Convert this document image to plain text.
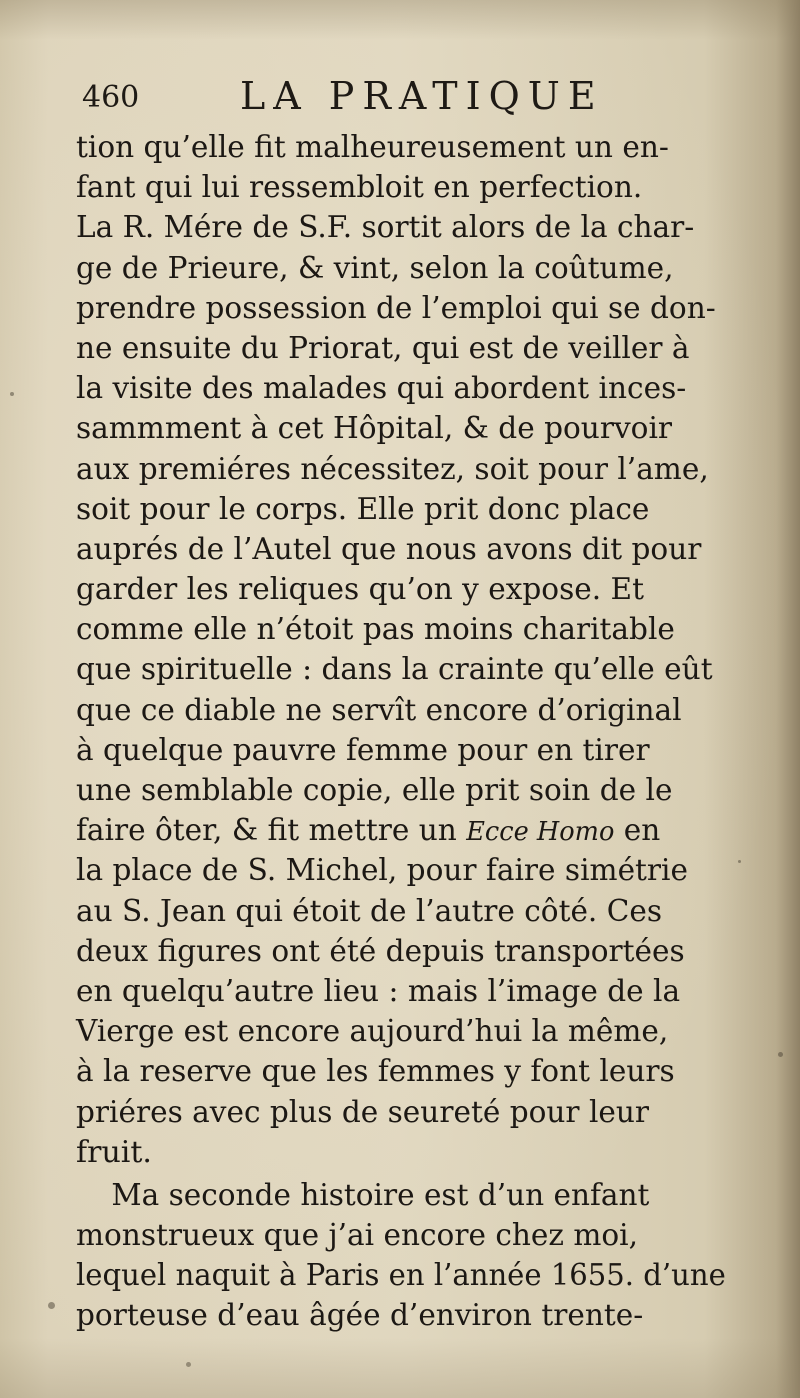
460	LA PRATIQUE
tion qu’elle fit malheureusement un en-
fant qui lui ressembloit en perfection.
La R. Mére de S.F. sortit alors de la char-
ge de Prieure, & vint, selon la coûtume,
prendre possession de l’emploi qui se don-
ne ensuite du Priorat, qui est de veiller à
la visite des malades qui abordent inces-
sammment à cet Hôpital, & de pourvoir
aux premiéres nécessitez, soit pour l’ame,
soit pour le corps. Elle prit donc place
auprés de l’Autel que nous avons dit pour
garder les reliques qu’on y expose. Et
comme elle n’étoit pas moins charitable
que spirituelle : dans la crainte qu’elle eût
que ce diable ne servît encore d’original
à quelque pauvre femme pour en tirer
une semblable copie, elle prit soin de le
faire ôter, & fit mettre un Ecce Homo en
la place de S. Michel, pour faire simétrie
au S. Jean qui étoit de l’autre côté. Ces
deux figures ont été depuis transportées
en quelqu’autre lieu : mais l’image de la
Vierge est encore aujourd’hui la même,
à la reserve que les femmes y font leurs
priéres avec plus de seureté pour leur
fruit.
Ma seconde histoire est d’un enfant
monstrueux que j’ai encore chez moi,
lequel naquit à Paris en l’année 1655. d’une
porteuse d’eau âgée d’environ trente-
